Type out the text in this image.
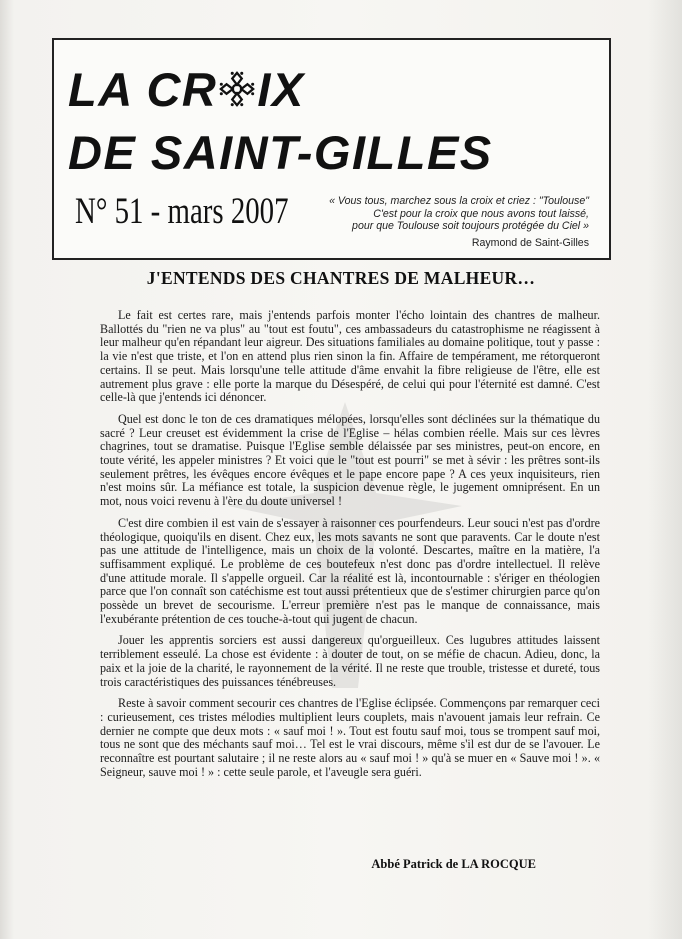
LA CR IX
DE SAINT-GILLES
N° 51 - mars 2007	« Vous tous, marchez sous la croix et criez : "Toulouse"
C'est pour la croix que nous avons tout laissé,
pour que Toulouse soit toujours protégée du Ciel »
Raymond de Saint-Gilles
J'ENTENDS DES CHANTRES DE MALHEUR…

Le fait est certes rare, mais j'entends parfois monter l'écho lointain des chantres de malheur. Ballottés du "rien ne va plus" au "tout est foutu", ces ambassadeurs du catastrophisme ne réagissent à leur malheur qu'en répandant leur aigreur. Des situations familiales au domaine politique, tout y passe : la vie n'est que triste, et l'on en attend plus rien sinon la fin. Affaire de tempérament, me rétorqueront certains. Il se peut. Mais lorsqu'une telle attitude d'âme envahit la fibre religieuse de l'être, elle est autrement plus grave : elle porte la marque du Désespéré, de celui qui pour l'éternité est damné. C'est celle-là que j'entends ici dénoncer.

Quel est donc le ton de ces dramatiques mélopées, lorsqu'elles sont déclinées sur la thématique du sacré ? Leur creuset est évidemment la crise de l'Eglise – hélas combien réelle. Mais sur ces lèvres chagrines, tout se dramatise. Puisque l'Eglise semble délaissée par ses ministres, peut-on encore, en toute vérité, les appeler ministres ? Et voici que le "tout est pourri" se met à sévir : les prêtres sont-ils seulement prêtres, les évêques encore évêques et le pape encore pape ? A ces yeux inquisiteurs, rien n'est moins sûr. La méfiance est totale, la suspicion devenue règle, le jugement omniprésent. En un mot, nous voici revenu à l'ère du doute universel !

C'est dire combien il est vain de s'essayer à raisonner ces pourfendeurs. Leur souci n'est pas d'ordre théologique, quoiqu'ils en disent. Chez eux, les mots savants ne sont que paravents. Car le doute n'est pas une attitude de l'intelligence, mais un choix de la volonté. Descartes, maître en la matière, l'a suffisamment expliqué. Le problème de ces boutefeux n'est donc pas d'ordre intellectuel. Il relève d'une attitude morale. Il s'appelle orgueil. Car la réalité est là, incontournable : s'ériger en théologien parce que l'on connaît son catéchisme est tout aussi prétentieux que de s'estimer chirurgien parce qu'on possède un brevet de secourisme. L'erreur première n'est pas le manque de connaissance, mais l'exubérante prétention de ces touche-à-tout qui jugent de chacun.

Jouer les apprentis sorciers est aussi dangereux qu'orgueilleux. Ces lugubres attitudes laissent terriblement esseulé. La chose est évidente : à douter de tout, on se méfie de chacun. Adieu, donc, la paix et la joie de la charité, le rayonnement de la vérité. Il ne reste que trouble, tristesse et dureté, tous trois caractéristiques des puissances ténébreuses.

Reste à savoir comment secourir ces chantres de l'Eglise éclipsée. Commençons par remarquer ceci : curieusement, ces tristes mélodies multiplient leurs couplets, mais n'avouent jamais leur refrain. Ce dernier ne compte que deux mots : « sauf moi ! ». Tout est foutu sauf moi, tous se trompent sauf moi, tous ne sont que des méchants sauf moi… Tel est le vrai discours, même s'il est dur de se l'avouer. Le reconnaître est pourtant salutaire ; il ne reste alors au « sauf moi ! » qu'à se muer en « Sauve moi ! ». « Seigneur, sauve moi ! » : cette seule parole, et l'aveugle sera guéri.

Abbé Patrick de LA ROCQUE
